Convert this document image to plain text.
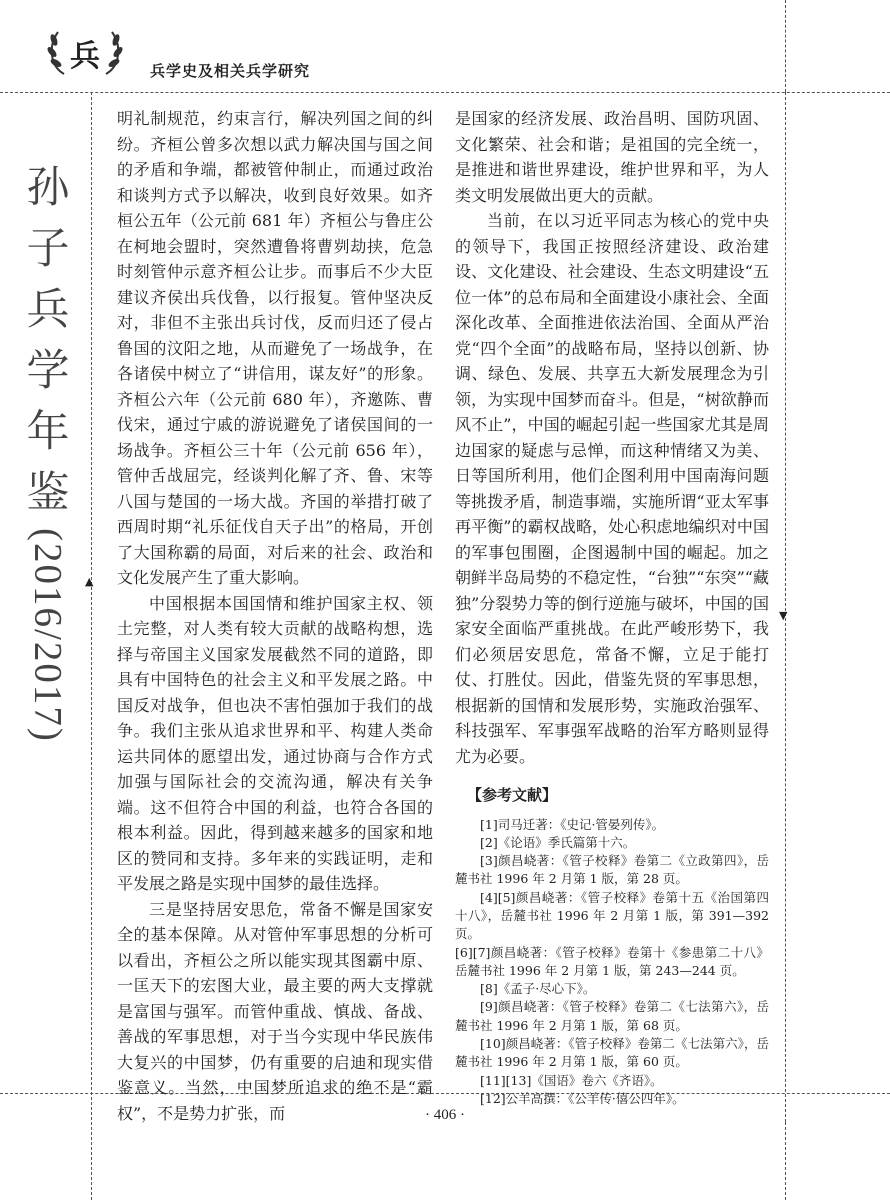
兵	兵学史及相关兵学研究
孙
子
兵
学
年
鉴
(2016/2017) ▲
▼

明礼制规范，约束言行，解决列国之间的纠纷。齐桓公曾多次想以武力解决国与国之间的矛盾和争端，都被管仲制止，而通过政治和谈判方式予以解决，收到良好效果。如齐桓公五年（公元前 681 年）齐桓公与鲁庄公在柯地会盟时，突然遭鲁将曹刿劫挟，危急时刻管仲示意齐桓公让步。而事后不少大臣建议齐侯出兵伐鲁，以行报复。管仲坚决反对，非但不主张出兵讨伐，反而归还了侵占鲁国的汶阳之地，从而避免了一场战争，在各诸侯中树立了“讲信用，谋友好”的形象。齐桓公六年（公元前 680 年），齐邀陈、曹伐宋，通过宁戚的游说避免了诸侯国间的一场战争。齐桓公三十年（公元前 656 年），管仲舌战屈完，经谈判化解了齐、鲁、宋等八国与楚国的一场大战。齐国的举措打破了西周时期“礼乐征伐自天子出”的格局，开创了大国称霸的局面，对后来的社会、政治和文化发展产生了重大影响。

中国根据本国国情和维护国家主权、领土完整，对人类有较大贡献的战略构想，选择与帝国主义国家发展截然不同的道路，即具有中国特色的社会主义和平发展之路。中国反对战争，但也决不害怕强加于我们的战争。我们主张从追求世界和平、构建人类命运共同体的愿望出发，通过协商与合作方式加强与国际社会的交流沟通，解决有关争端。这不但符合中国的利益，也符合各国的根本利益。因此，得到越来越多的国家和地区的赞同和支持。多年来的实践证明，走和平发展之路是实现中国梦的最佳选择。

三是坚持居安思危，常备不懈是国家安全的基本保障。从对管仲军事思想的分析可以看出，齐桓公之所以能实现其图霸中原、一匡天下的宏图大业，最主要的两大支撑就是富国与强军。而管仲重战、慎战、备战、善战的军事思想，对于当今实现中华民族伟大复兴的中国梦，仍有重要的启迪和现实借鉴意义。当然，中国梦所追求的绝不是“霸权”，不是势力扩张，而

是国家的经济发展、政治昌明、国防巩固、文化繁荣、社会和谐；是祖国的完全统一，是推进和谐世界建设，维护世界和平，为人类文明发展做出更大的贡献。

当前，在以习近平同志为核心的党中央的领导下，我国正按照经济建设、政治建设、文化建设、社会建设、生态文明建设“五位一体”的总布局和全面建设小康社会、全面深化改革、全面推进依法治国、全面从严治党“四个全面”的战略布局，坚持以创新、协调、绿色、发展、共享五大新发展理念为引领，为实现中国梦而奋斗。但是，“树欲静而风不止”，中国的崛起引起一些国家尤其是周边国家的疑虑与忌惮，而这种情绪又为美、日等国所利用，他们企图利用中国南海问题等挑拨矛盾，制造事端，实施所谓“亚太军事再平衡”的霸权战略，处心积虑地编织对中国的军事包围圈，企图遏制中国的崛起。加之朝鲜半岛局势的不稳定性，“台独”“东突”“藏独”分裂势力等的倒行逆施与破坏，中国的国家安全面临严重挑战。在此严峻形势下，我们必须居安思危，常备不懈，立足于能打仗、打胜仗。因此，借鉴先贤的军事思想，根据新的国情和发展形势，实施政治强军、科技强军、军事强军战略的治军方略则显得尤为必要。

【参考文献】

[1]司马迁著：《史记·管晏列传》。

[2]《论语》季氏篇第十六。

[3]颜昌峣著：《管子校释》卷第二《立政第四》，岳麓书社 1996 年 2 月第 1 版，第 28 页。

[4][5]颜昌峣著：《管子校释》卷第十五《治国第四十八》，岳麓书社 1996 年 2 月第 1 版，第 391—392 页。

[6][7]颜昌峣著：《管子校释》卷第十《参患第二十八》岳麓书社 1996 年 2 月第 1 版，第 243—244 页。

[8]《孟子·尽心下》。

[9]颜昌峣著：《管子校释》卷第二《七法第六》，岳麓书社 1996 年 2 月第 1 版，第 68 页。

[10]颜昌峣著：《管子校释》卷第二《七法第六》，岳麓书社 1996 年 2 月第 1 版，第 60 页。

[11][13]《国语》卷六《齐语》。

[12]公羊高撰：《公羊传·僖公四年》。

· 406 ·
